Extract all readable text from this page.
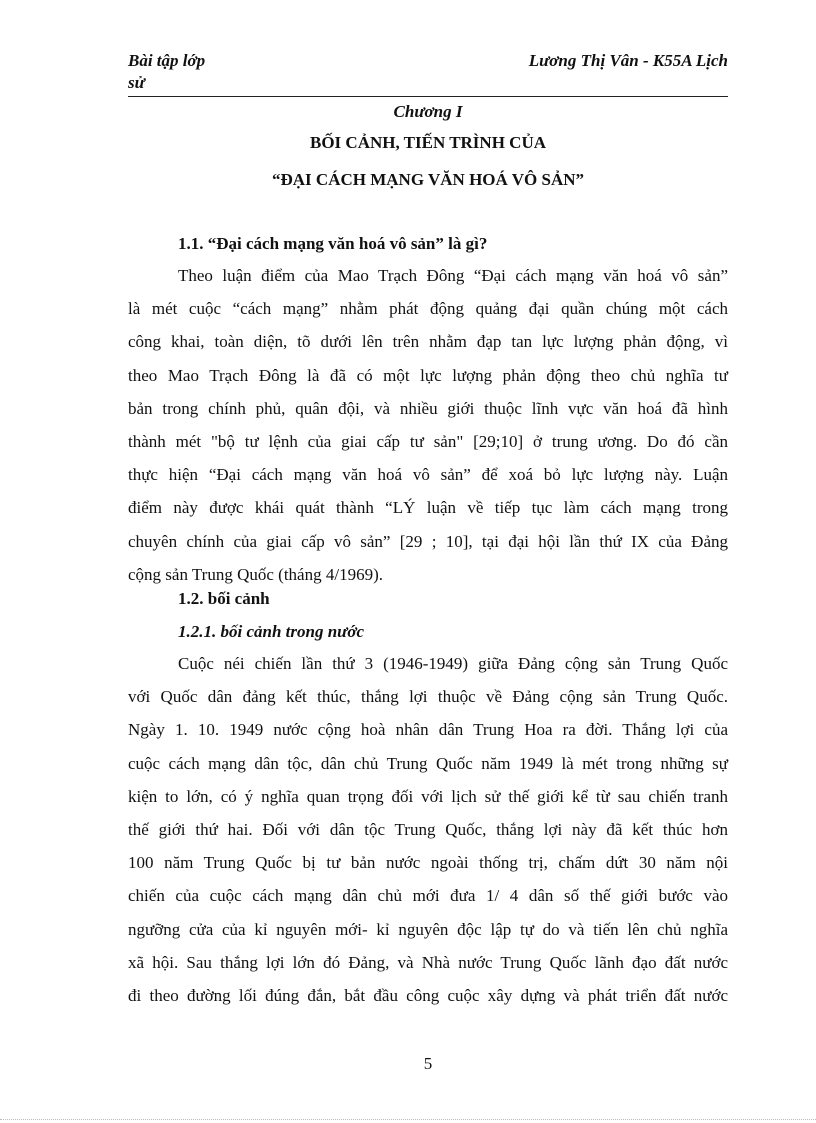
Bài tập lớp
sử
Lương Thị Vân - K55A Lịch
Chương I
BỐI CẢNH, TIẾN TRÌNH CỦA
“ĐẠI CÁCH MẠNG VĂN HOÁ VÔ SẢN”
1.1. “Đại cách mạng văn hoá vô sản” là gì?
Theo luận điểm của Mao Trạch Đông “Đại cách mạng văn hoá vô sản”
là mét cuộc “cách mạng” nhằm phát động quảng đại quần chúng một cách
công khai, toàn diện, tõ dưới lên trên nhằm đạp tan lực lượng phản động, vì
theo Mao Trạch Đông là đã có một lực lượng phản động theo chủ nghĩa tư
bản trong chính phủ, quân đội, và nhiều giới thuộc lĩnh vực văn hoá đã hình
thành mét "bộ tư lệnh của giai cấp tư sản" [29;10] ở trung ương. Do đó cần
thực hiện “Đại cách mạng văn hoá vô sản” để xoá bỏ lực lượng này. Luận
điểm này được khái quát thành “LÝ luận về tiếp tục làm cách mạng trong
chuyên chính của giai cấp vô sản” [29 ; 10], tại đại hội lần thứ IX của Đảng
cộng sản Trung Quốc (tháng 4/1969).
1.2. bối cảnh
1.2.1. bối cảnh trong nước
Cuộc néi chiến lần thứ 3 (1946-1949) giữa Đảng cộng sản Trung Quốc
với Quốc dân đảng kết thúc, thắng lợi thuộc về Đảng cộng sản Trung Quốc.
Ngày 1. 10. 1949 nước cộng hoà nhân dân Trung Hoa ra đời. Thắng lợi của
cuộc cách mạng dân tộc, dân chủ Trung Quốc năm 1949 là mét trong những sự
kiện to lớn, có ý nghĩa quan trọng đối với lịch sử thế giới kể từ sau chiến tranh
thế giới thứ hai. Đối với dân tộc Trung Quốc, thắng lợi này đã kết thúc hơn
100 năm Trung Quốc bị tư bản nước ngoài thống trị, chấm dứt 30 năm nội
chiến của cuộc cách mạng dân chủ mới đưa 1/ 4 dân số thế giới bước vào
ngưỡng cửa của kỉ nguyên mới- kỉ nguyên độc lập tự do và tiến lên chủ nghĩa
xã hội. Sau thắng lợi lớn đó Đảng, và Nhà nước Trung Quốc lãnh đạo đất nước
đi theo đường lối đúng đắn, bắt đầu công cuộc xây dựng và phát triển đất nước
5
